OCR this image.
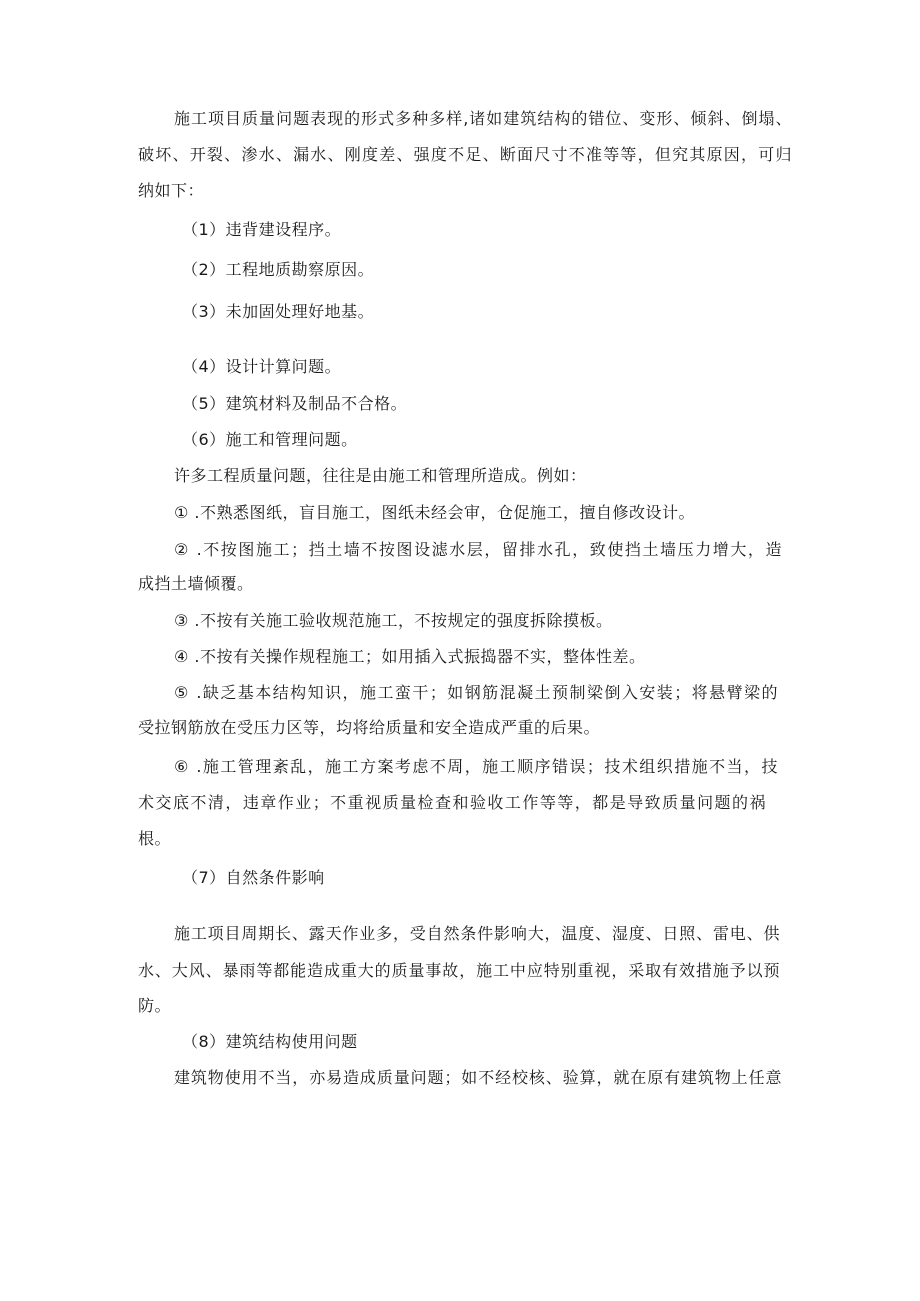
施工项目质量问题表现的形式多种多样,诸如建筑结构的错位、变形、倾斜、倒塌、
破坏、开裂、渗水、漏水、刚度差、强度不足、断面尺寸不准等等，但究其原因，可归
纳如下：
（1）违背建设程序。
（2）工程地质勘察原因。
（3）未加固处理好地基。
（4）设计计算问题。
（5）建筑材料及制品不合格。
（6）施工和管理问题。
许多工程质量问题，往往是由施工和管理所造成。例如：
① .不熟悉图纸，盲目施工，图纸未经会审，仓促施工，擅自修改设计。
② .不按图施工；挡土墙不按图设滤水层，留排水孔，致使挡土墙压力增大，造
成挡土墙倾覆。
③ .不按有关施工验收规范施工，不按规定的强度拆除摸板。
④ .不按有关操作规程施工；如用插入式振捣器不实，整体性差。
⑤ .缺乏基本结构知识，施工蛮干；如钢筋混凝土预制梁倒入安装；将悬臂梁的
受拉钢筋放在受压力区等，均将给质量和安全造成严重的后果。
⑥ .施工管理紊乱，施工方案考虑不周，施工顺序错误；技术组织措施不当，技
术交底不清，违章作业；不重视质量检查和验收工作等等，都是导致质量问题的祸
根。
（7）自然条件影响
施工项目周期长、露天作业多，受自然条件影响大，温度、湿度、日照、雷电、供
水、大风、暴雨等都能造成重大的质量事故，施工中应特别重视，采取有效措施予以预
防。
（8）建筑结构使用问题
建筑物使用不当，亦易造成质量问题；如不经校核、验算，就在原有建筑物上任意
